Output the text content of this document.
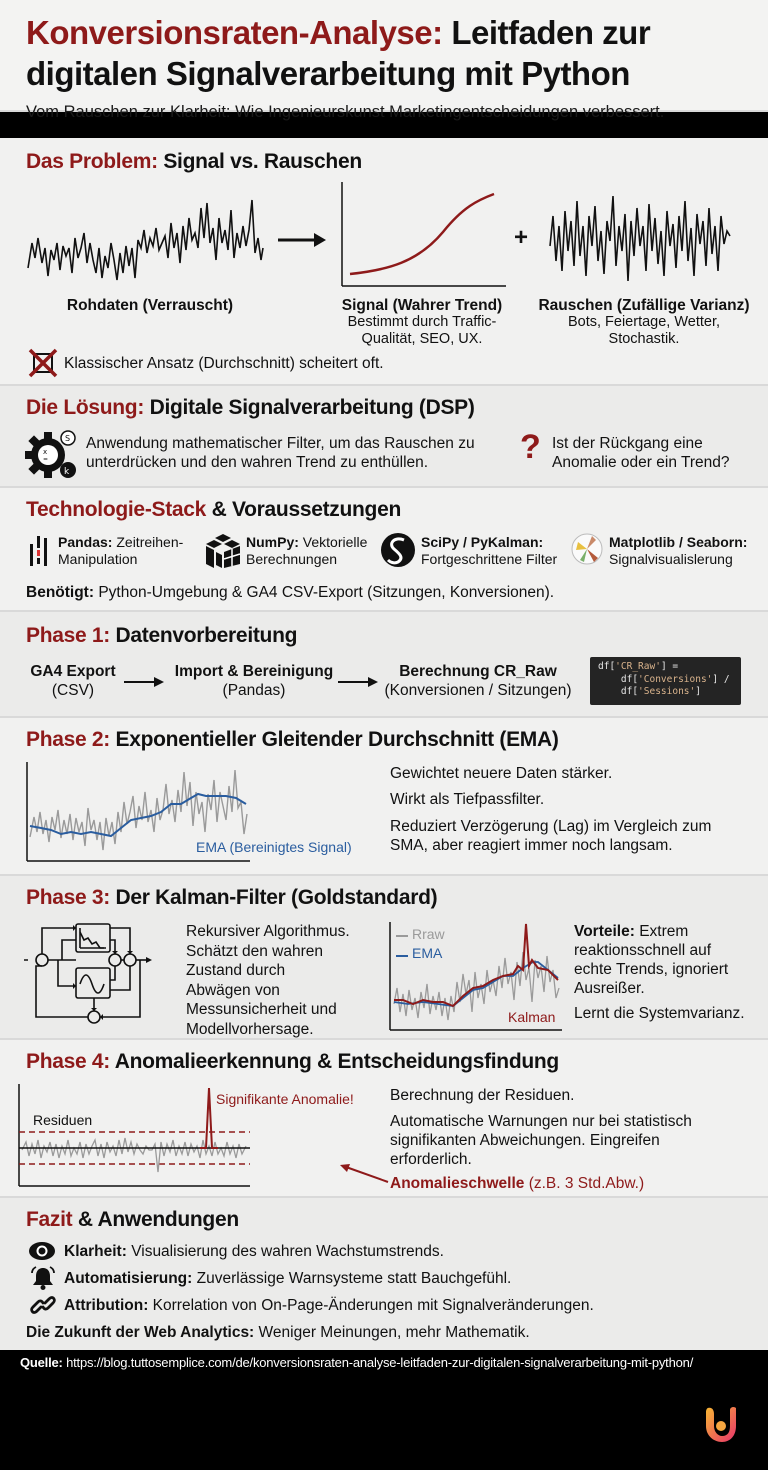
Konversionsraten-Analyse: Leitfaden zur
digitalen Signalverarbeitung mit Python
Vom Rauschen zur Klarheit: Wie Ingenieurskunst Marketingentscheidungen verbessert.
Das Problem: Signal vs. Rauschen
Rohdaten (Verrauscht)	Signal (Wahrer Trend)
Bestimmt durch Traffic-
Qualität, SEO, UX.
+
Rauschen (Zufällige Varianz)
Bots, Feiertage, Wetter,
Stochastik.
Klassischer Ansatz (Durchschnitt) scheitert oft.
Die Lösung: Digitale Signalverarbeitung (DSP)
x
=
S
k
Anwendung mathematischer Filter, um das Rauschen zu
unterdrücken und den wahren Trend zu enthüllen.	? Ist der Rückgang eine
Anomalie oder ein Trend?
Technologie-Stack & Voraussetzungen
Pandas: Zeitreihen-
Manipulation
NumPy: Vektorielle
Berechnungen
SciPy / PyKalman:
Fortgeschrittene Filter
Matplotlib / Seaborn:
Signalvisualislerung
Benötigt: Python-Umgebung & GA4 CSV-Export (Sitzungen, Konversionen).
Phase 1: Datenvorbereitung
GA4 Export
(CSV)
Import & Bereinigung
(Pandas)
Berechnung CR_Raw
(Konversionen / Sitzungen)
df['CR_Raw'] =
df['Conversions'] /
df['Sessions']
Phase 2: Exponentieller Gleitender Durchschnitt (EMA)
EMA (Bereinigtes Signal)
Gewichtet neuere Daten stärker.
Wirkt als Tiefpassfilter.
Reduziert Verzögerung (Lag) im Vergleich zum
SMA, aber reagiert immer noch langsam.
Phase 3: Der Kalman-Filter (Goldstandard)
Rekursiver Algorithmus.
Schätzt den wahren
Zustand durch
Abwägen von
Messunsicherheit und
Modellvorhersage.
Rraw
EMA
Kalman
Vorteile: Extrem
reaktionsschnell auf
echte Trends, ignoriert
Ausreißer.
Lernt die Systemvarianz.
Phase 4: Anomalieerkennung & Entscheidungsfindung
Signifikante Anomalie!
Residuen
Berechnung der Residuen.
Automatische Warnungen nur bei statistisch
signifikanten Abweichungen. Eingreifen
erforderlich.
Anomalieschwelle (z.B. 3 Std.Abw.)
Fazit & Anwendungen
Klarheit: Visualisierung des wahren Wachstumstrends.
Automatisierung: Zuverlässige Warnsysteme statt Bauchgefühl.
Attribution: Korrelation von On-Page-Änderungen mit Signalveränderungen.
Die Zukunft der Web Analytics: Weniger Meinungen, mehr Mathematik.
Quelle: https://blog.tuttosemplice.com/de/konversionsraten-analyse-leitfaden-zur-digitalen-signalverarbeitung-mit-python/
